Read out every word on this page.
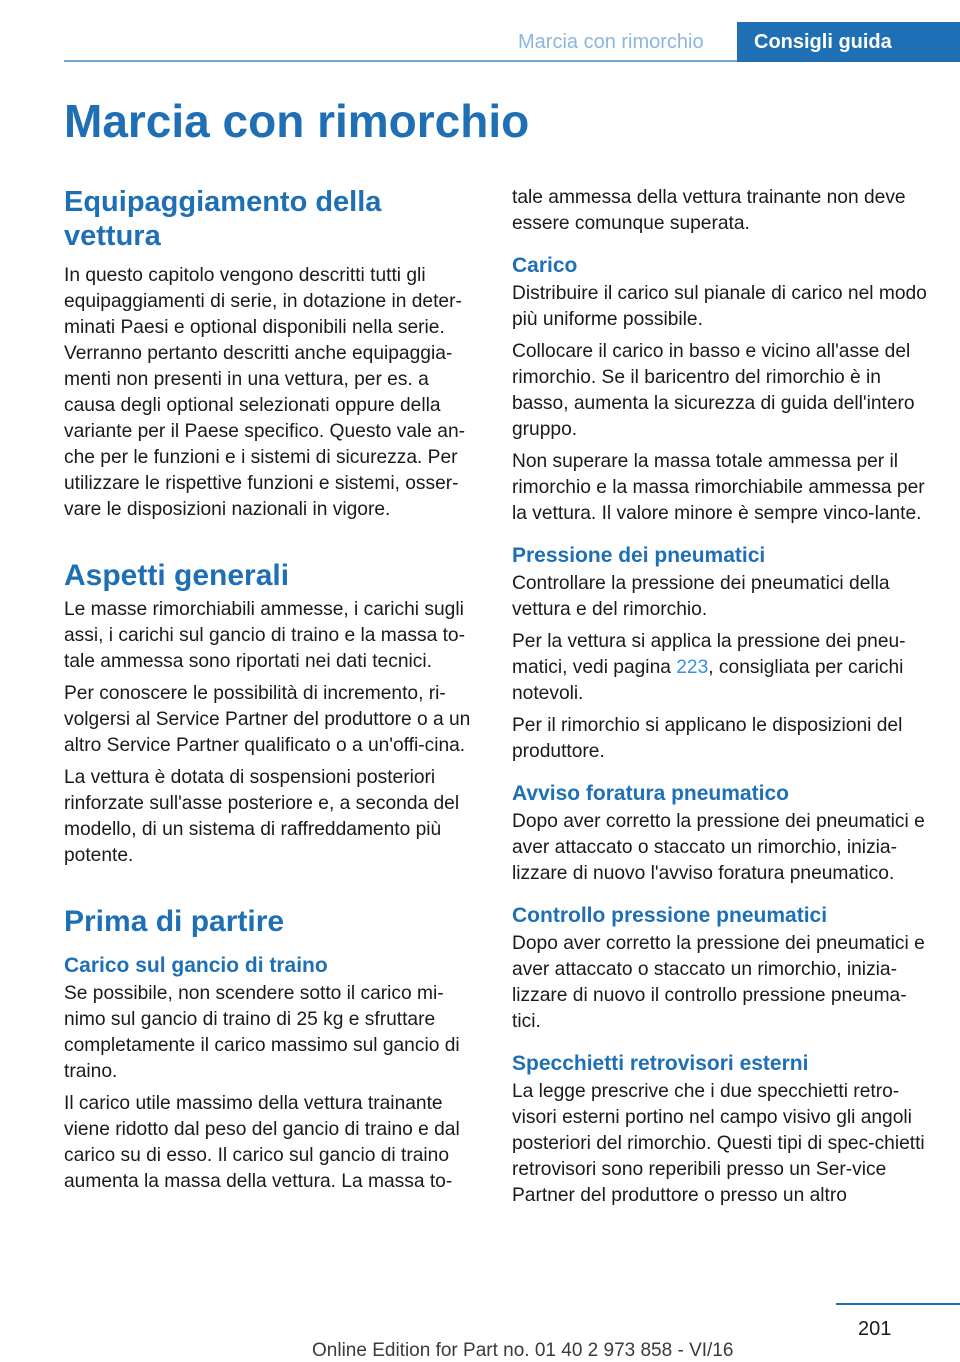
Marcia con rimorchio	Consigli guida
Marcia con rimorchio
Equipaggiamento della vettura

In questo capitolo vengono descritti tutti gli equipaggiamenti di serie, in dotazione in deter-minati Paesi e optional disponibili nella serie. Verranno pertanto descritti anche equipaggia-menti non presenti in una vettura, per es. a causa degli optional selezionati oppure della variante per il Paese specifico. Questo vale an-che per le funzioni e i sistemi di sicurezza. Per utilizzare le rispettive funzioni e sistemi, osser-vare le disposizioni nazionali in vigore.

Aspetti generali

Le masse rimorchiabili ammesse, i carichi sugli assi, i carichi sul gancio di traino e la massa to-tale ammessa sono riportati nei dati tecnici.

Per conoscere le possibilità di incremento, ri-volgersi al Service Partner del produttore o a un altro Service Partner qualificato o a un'offi-cina.

La vettura è dotata di sospensioni posteriori rinforzate sull'asse posteriore e, a seconda del modello, di un sistema di raffreddamento più potente.

Prima di partire
Carico sul gancio di traino

Se possibile, non scendere sotto il carico mi-nimo sul gancio di traino di 25 kg e sfruttare completamente il carico massimo sul gancio di traino.

Il carico utile massimo della vettura trainante viene ridotto dal peso del gancio di traino e dal carico su di esso. Il carico sul gancio di traino aumenta la massa della vettura. La massa to-

tale ammessa della vettura trainante non deve essere comunque superata.

Carico

Distribuire il carico sul pianale di carico nel modo più uniforme possibile.

Collocare il carico in basso e vicino all'asse del rimorchio. Se il baricentro del rimorchio è in basso, aumenta la sicurezza di guida dell'intero gruppo.

Non superare la massa totale ammessa per il rimorchio e la massa rimorchiabile ammessa per la vettura. Il valore minore è sempre vinco-lante.

Pressione dei pneumatici

Controllare la pressione dei pneumatici della vettura e del rimorchio.

Per la vettura si applica la pressione dei pneu-matici, vedi pagina 223, consigliata per carichi notevoli.

Per il rimorchio si applicano le disposizioni del produttore.

Avviso foratura pneumatico

Dopo aver corretto la pressione dei pneumatici e aver attaccato o staccato un rimorchio, inizia-lizzare di nuovo l'avviso foratura pneumatico.

Controllo pressione pneumatici

Dopo aver corretto la pressione dei pneumatici e aver attaccato o staccato un rimorchio, inizia-lizzare di nuovo il controllo pressione pneuma-tici.

Specchietti retrovisori esterni

La legge prescrive che i due specchietti retro-visori esterni portino nel campo visivo gli angoli posteriori del rimorchio. Questi tipi di spec-chietti retrovisori sono reperibili presso un Ser-vice Partner del produttore o presso un altro

201
Online Edition for Part no. 01 40 2 973 858 - VI/16
